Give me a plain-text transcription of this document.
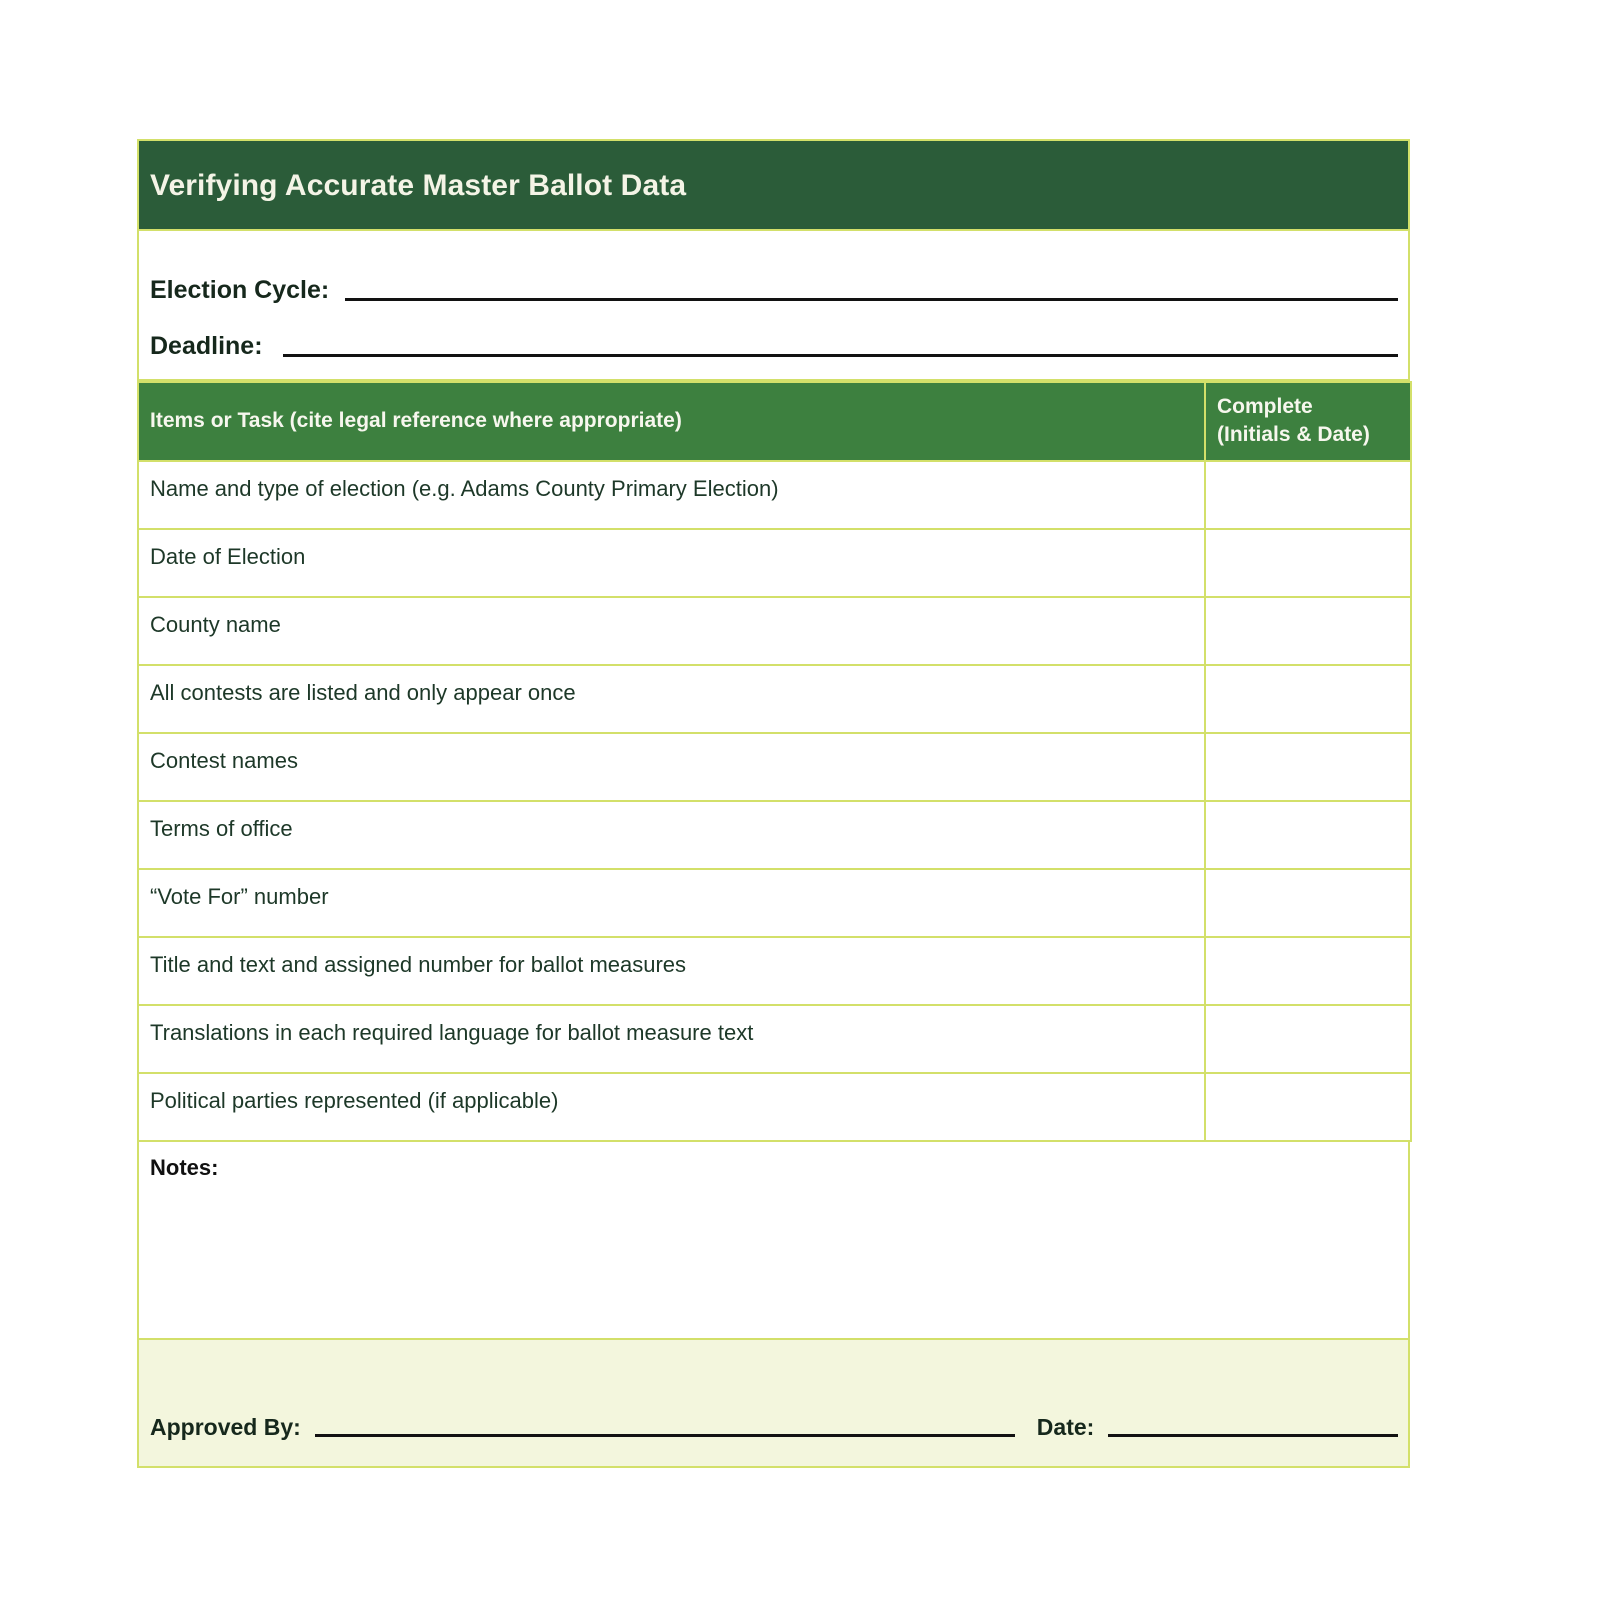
Verifying Accurate Master Ballot Data
Election Cycle:
Deadline:
Items or Task (cite legal reference where appropriate)	Complete
(Initials & Date)
Name and type of election (e.g. Adams County Primary Election)	
Date of Election	
County name	
All contests are listed and only appear once	
Contest names	
Terms of office	
“Vote For” number	
Title and text and assigned number for ballot measures	
Translations in each required language for ballot measure text	
Political parties represented (if applicable)	
Notes:
Approved By:	Date:
